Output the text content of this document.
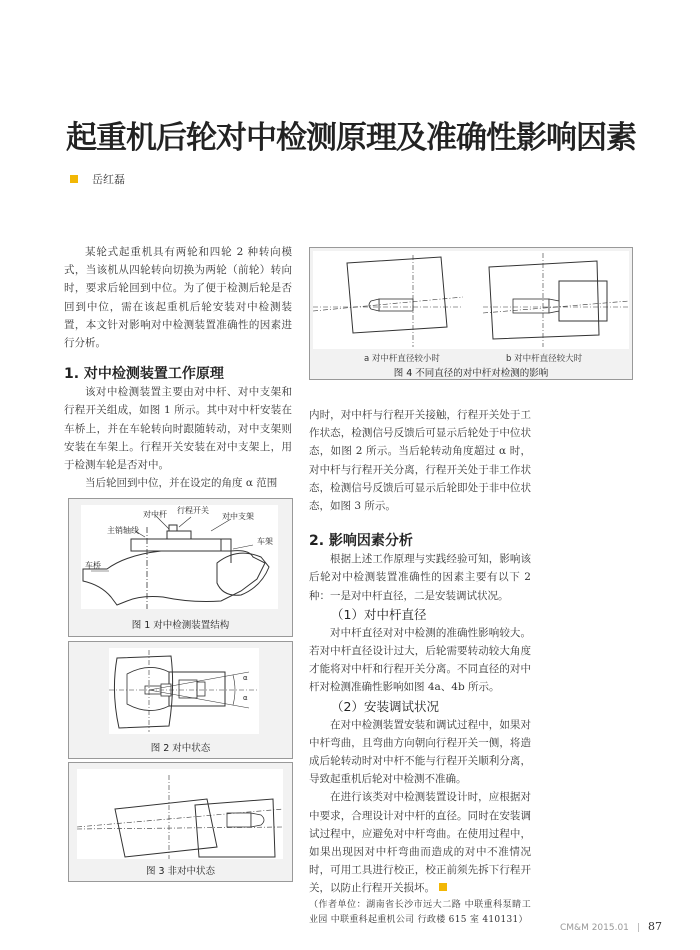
起重机后轮对中检测原理及准确性影响因素
岳红磊

某轮式起重机具有两轮和四轮 2 种转向模式，当该机从四轮转向切换为两轮（前轮）转向时，要求后轮回到中位。为了便于检测后轮是否回到中位，需在该起重机后轮安装对中检测装置，本文针对影响对中检测装置准确性的因素进行分析。

1. 对中检测装置工作原理

该对中检测装置主要由对中杆、对中支架和行程开关组成，如图 1 所示。其中对中杆安装在车桥上，并在车轮转向时跟随转动，对中支架则安装在车架上。行程开关安装在对中支架上，用于检测车轮是否对中。

当后轮回到中位，并在设定的角度 α 范围

对中杆 行程开关
对中支架
主销轴线
车架
车桥
图 1 对中检测装置结构
α
α
图 2 对中状态
图 3 非对中状态
a 对中杆直径较小时	b 对中杆直径较大时
图 4 不同直径的对中杆对检测的影响
内时，对中杆与行程开关接触，行程开关处于工作状态，检测信号反馈后可显示后轮处于中位状态，如图 2 所示。当后轮转动角度超过 α 时，对中杆与行程开关分离，行程开关处于非工作状态，检测信号反馈后可显示后轮即处于非中位状态，如图 3 所示。
2. 影响因素分析

根据上述工作原理与实践经验可知，影响该后轮对中检测装置准确性的因素主要有以下 2 种：一是对中杆直径，二是安装调试状况。

（1）对中杆直径

对中杆直径对对中检测的准确性影响较大。若对中杆直径设计过大，后轮需要转动较大角度才能将对中杆和行程开关分离。不同直径的对中杆对检测准确性影响如图 4a、4b 所示。

（2）安装调试状况

在对中检测装置安装和调试过程中，如果对中杆弯曲，且弯曲方向朝向行程开关一侧，将造成后轮转动时对中杆不能与行程开关顺利分离，导致起重机后轮对中检测不准确。

在进行该类对中检测装置设计时，应根据对中要求，合理设计对中杆的直径。同时在安装调试过程中，应避免对中杆弯曲。在使用过程中，如果出现因对中杆弯曲而造成的对中不准情况时，可用工具进行校正，校正前须先拆下行程开关，以防止行程开关损坏。

（作者单位：湖南省长沙市远大二路 中联重科泵睛工业园 中联重科起重机公司 行政楼 615 室 410131）
CM&M 2015.01 | 87
